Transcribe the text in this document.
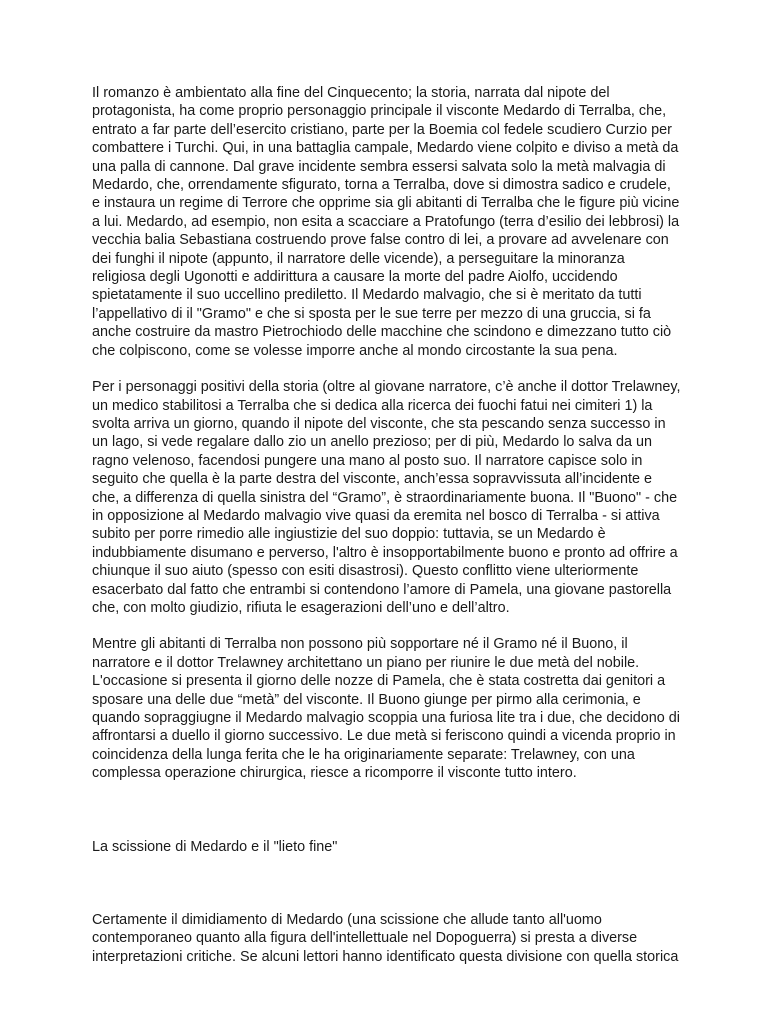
Il romanzo è ambientato alla fine del Cinquecento; la storia, narrata dal nipote del protagonista, ha come proprio personaggio principale il visconte Medardo di Terralba, che, entrato a far parte dell’esercito cristiano, parte per la Boemia col fedele scudiero Curzio per combattere i Turchi. Qui, in una battaglia campale, Medardo viene colpito e diviso a metà da una palla di cannone. Dal grave incidente sembra essersi salvata solo la metà malvagia di Medardo, che, orrendamente sfigurato, torna a Terralba, dove si dimostra sadico e crudele, e instaura un regime di Terrore che opprime sia gli abitanti di Terralba che le figure più vicine a lui. Medardo, ad esempio, non esita a scacciare a Pratofungo (terra d’esilio dei lebbrosi) la vecchia balia Sebastiana costruendo prove false contro di lei, a provare ad avvelenare con dei funghi il nipote (appunto, il narratore delle vicende), a perseguitare la minoranza religiosa degli Ugonotti e addirittura a causare la morte del padre Aiolfo, uccidendo spietatamente il suo uccellino prediletto. Il Medardo malvagio, che si è meritato da tutti l’appellativo di il "Gramo" e che si sposta per le sue terre per mezzo di una gruccia, si fa anche costruire da mastro Pietrochiodo delle macchine che scindono e dimezzano tutto ciò che colpiscono, come se volesse imporre anche al mondo circostante la sua pena.

Per i personaggi positivi della storia (oltre al giovane narratore, c’è anche il dottor Trelawney, un medico stabilitosi a Terralba che si dedica alla ricerca dei fuochi fatui nei cimiteri 1) la svolta arriva un giorno, quando il nipote del visconte, che sta pescando senza successo in un lago, si vede regalare dallo zio un anello prezioso; per di più, Medardo lo salva da un ragno velenoso, facendosi pungere una mano al posto suo. Il narratore capisce solo in seguito che quella è la parte destra del visconte, anch’essa sopravvissuta all’incidente e che, a differenza di quella sinistra del “Gramo”, è straordinariamente buona. Il "Buono" - che in opposizione al Medardo malvagio vive quasi da eremita nel bosco di Terralba - si attiva subito per porre rimedio alle ingiustizie del suo doppio: tuttavia, se un Medardo è indubbiamente disumano e perverso, l'altro è insopportabilmente buono e pronto ad offrire a chiunque il suo aiuto (spesso con esiti disastrosi). Questo conflitto viene ulteriormente esacerbato dal fatto che entrambi si contendono l’amore di Pamela, una giovane pastorella che, con molto giudizio, rifiuta le esagerazioni dell’uno e dell’altro.

Mentre gli abitanti di Terralba non possono più sopportare né il Gramo né il Buono, il narratore e il dottor Trelawney architettano un piano per riunire le due metà del nobile. L'occasione si presenta il giorno delle nozze di Pamela, che è stata costretta dai genitori a sposare una delle due “metà” del visconte. Il Buono giunge per pirmo alla cerimonia, e quando sopraggiugne il Medardo malvagio scoppia una furiosa lite tra i due, che decidono di affrontarsi a duello il giorno successivo. Le due metà si feriscono quindi a vicenda proprio in coincidenza della lunga ferita che le ha originariamente separate: Trelawney, con una complessa operazione chirurgica, riesce a ricomporre il visconte tutto intero.

La scissione di Medardo e il "lieto fine"

Certamente il dimidiamento di Medardo (una scissione che allude tanto all'uomo contemporaneo quanto alla figura dell'intellettuale nel Dopoguerra) si presta a diverse interpretazioni critiche. Se alcuni lettori hanno identificato questa divisione con quella storica
